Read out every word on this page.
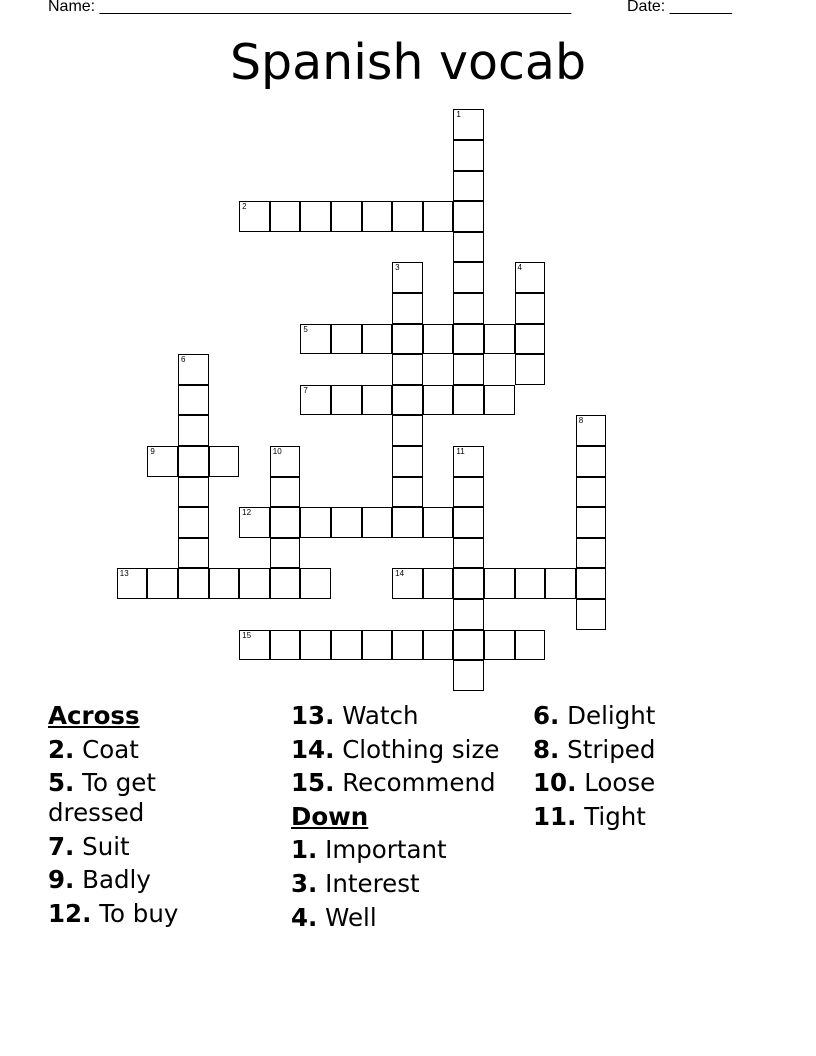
Name: _____________________________________________________	Date: _______
Spanish vocab
1
2
3	4
5
6
7
8
9	10	11
12
13	14
15
Across
2. Coat
5. To get dressed
7. Suit
9. Badly
12. To buy
13. Watch
14. Clothing size
15. Recommend
Down
1. Important
3. Interest
4. Well
6. Delight
8. Striped
10. Loose
11. Tight
